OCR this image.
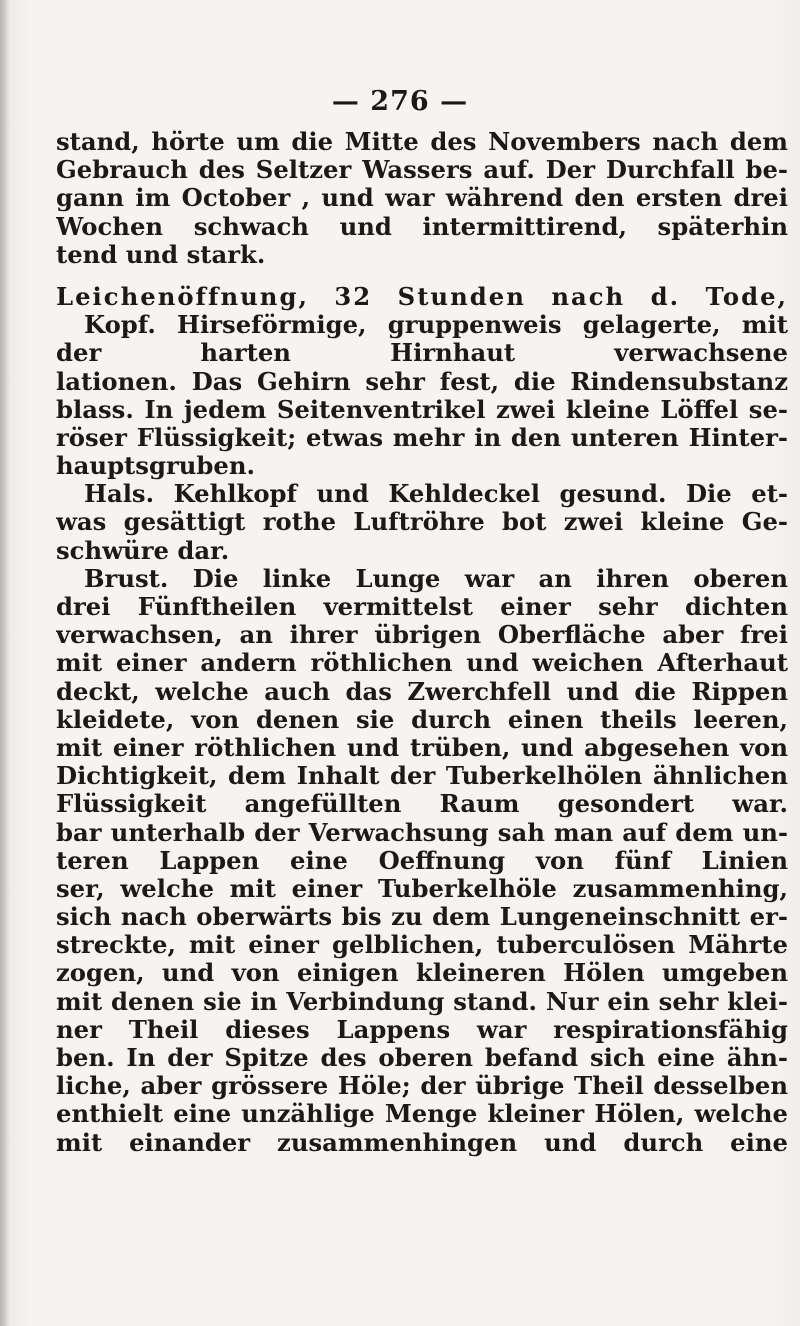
— 276 —
stand, hörte um die Mitte des Novembers nach dem
Gebrauch des Seltzer Wassers auf. Der Durchfall be-
gann im October , und war während den ersten drei
Wochen schwach und intermittirend, späterhin
tend und stark.
Leichenöffnung, 32 Stunden nach d. Tode,
Kopf. Hirseförmige, gruppenweis gelagerte, mit
der harten Hirnhaut verwachsene
lationen. Das Gehirn sehr fest, die Rindensubstanz
blass. In jedem Seitenventrikel zwei kleine Löffel se-
röser Flüssigkeit; etwas mehr in den unteren Hinter-
hauptsgruben.
Hals. Kehlkopf und Kehldeckel gesund. Die et-
was gesättigt rothe Luftröhre bot zwei kleine Ge-
schwüre dar.
Brust. Die linke Lunge war an ihren oberen
drei Fünftheilen vermittelst einer sehr dichten
verwachsen, an ihrer übrigen Oberfläche aber frei
mit einer andern röthlichen und weichen Afterhaut
deckt, welche auch das Zwerchfell und die Rippen
kleidete, von denen sie durch einen theils leeren,
mit einer röthlichen und trüben, und abgesehen von
Dichtigkeit, dem Inhalt der Tuberkelhölen ähnlichen
Flüssigkeit angefüllten Raum gesondert war.
bar unterhalb der Verwachsung sah man auf dem un-
teren Lappen eine Oeffnung von fünf Linien
ser, welche mit einer Tuberkelhöle zusammenhing,
sich nach oberwärts bis zu dem Lungeneinschnitt er-
streckte, mit einer gelblichen, tuberculösen Mährte
zogen, und von einigen kleineren Hölen umgeben
mit denen sie in Verbindung stand. Nur ein sehr klei-
ner Theil dieses Lappens war respirationsfähig
ben. In der Spitze des oberen befand sich eine ähn-
liche, aber grössere Höle; der übrige Theil desselben
enthielt eine unzählige Menge kleiner Hölen, welche
mit einander zusammenhingen und durch eine
